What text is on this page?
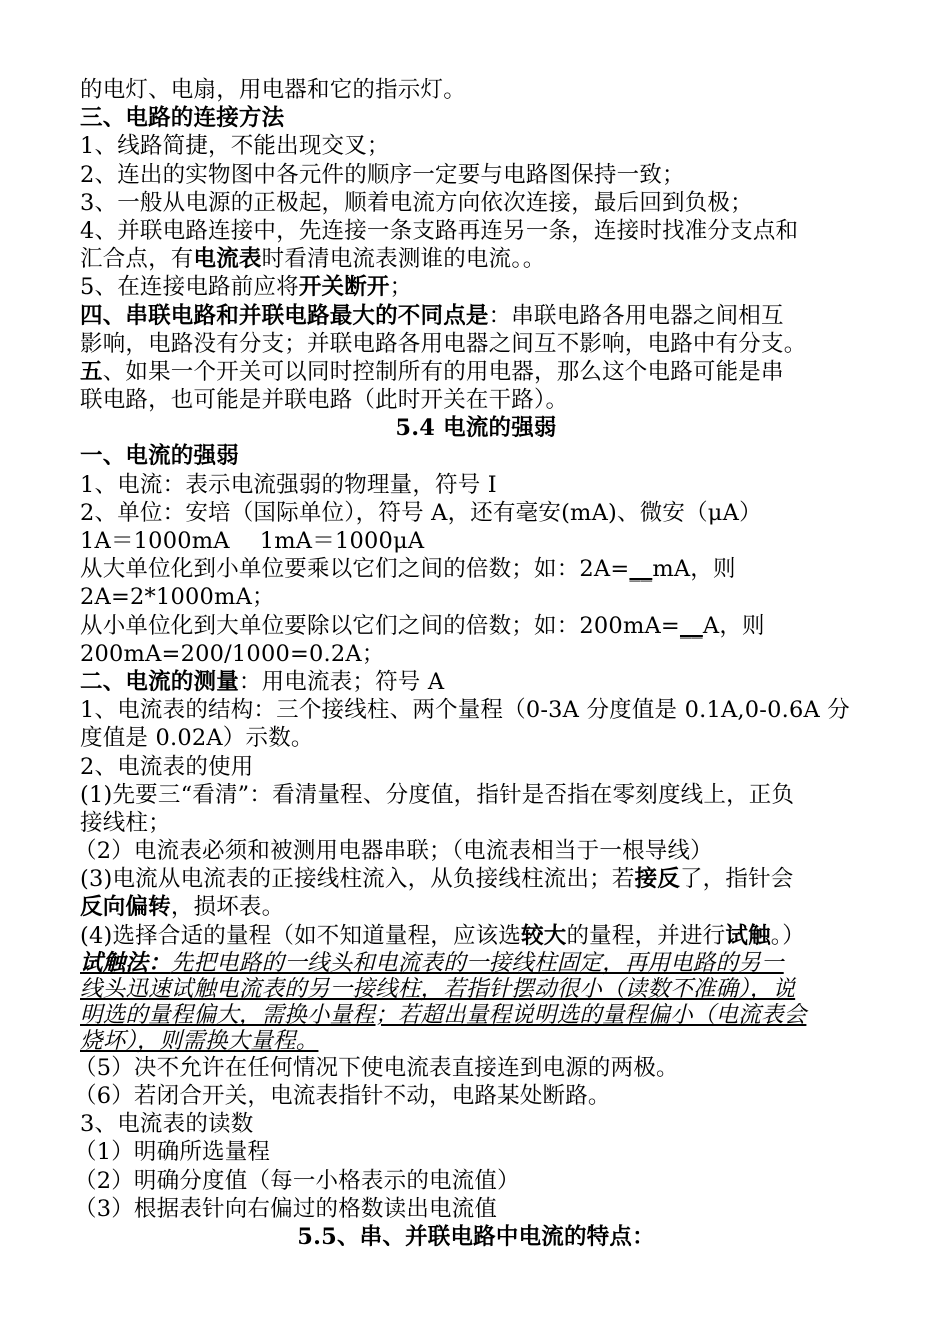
的电灯、电扇，用电器和它的指示灯。
三、电路的连接方法
1、线路简捷，不能出现交叉；
2、连出的实物图中各元件的顺序一定要与电路图保持一致；
3、一般从电源的正极起，顺着电流方向依次连接，最后回到负极；
4、并联电路连接中，先连接一条支路再连另一条，连接时找准分支点和
汇合点，有电流表时看清电流表测谁的电流。。
5、在连接电路前应将开关断开；
四、串联电路和并联电路最大的不同点是：串联电路各用电器之间相互
影响，电路没有分支；并联电路各用电器之间互不影响，电路中有分支。
五、如果一个开关可以同时控制所有的用电器，那么这个电路可能是串
联电路，也可能是并联电路（此时开关在干路）。
5.4 电流的强弱
一、电流的强弱
1、电流：表示电流强弱的物理量，符号 I
2、单位：安培（国际单位），符号 A，还有毫安(mA)、微安（μA）
1A＝1000mA　 1mA＝1000μA
从大单位化到小单位要乘以它们之间的倍数；如：2A=__mA，则
2A=2*1000mA；
从小单位化到大单位要除以它们之间的倍数；如：200mA=__A，则
200mA=200/1000=0.2A；
二、电流的测量：用电流表；符号 A
1、电流表的结构：三个接线柱、两个量程（0-3A 分度值是 0.1A,0-0.6A 分
度值是 0.02A）示数。
2、电流表的使用
(1)先要三“看清”：看清量程、分度值，指针是否指在零刻度线上，正负
接线柱；
（2）电流表必须和被测用电器串联；（电流表相当于一根导线）
(3)电流从电流表的正接线柱流入，从负接线柱流出；若接反了，指针会
反向偏转，损坏表。
(4)选择合适的量程（如不知道量程，应该选较大的量程，并进行试触。）
试触法：先把电路的一线头和电流表的一接线柱固定，再用电路的另一
线头迅速试触电流表的另一接线柱，若指针摆动很小（读数不准确），说
明选的量程偏大，需换小量程；若超出量程说明选的量程偏小（电流表会
烧坏），则需换大量程。
（5）决不允许在任何情况下使电流表直接连到电源的两极。
（6）若闭合开关，电流表指针不动，电路某处断路。
3、电流表的读数
（1）明确所选量程
（2）明确分度值（每一小格表示的电流值）
（3）根据表针向右偏过的格数读出电流值
5.5、串、并联电路中电流的特点：
